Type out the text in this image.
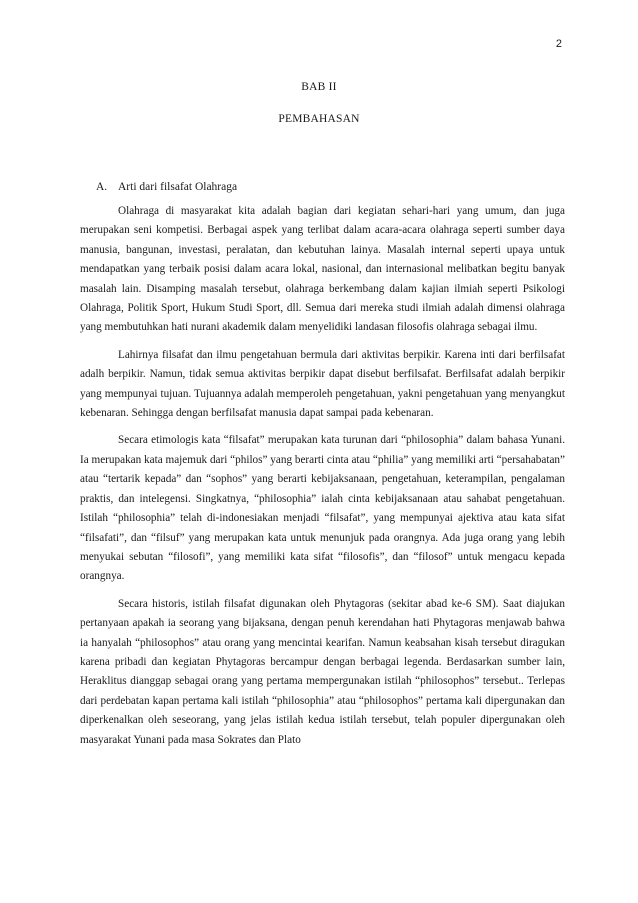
2
BAB II
PEMBAHASAN
A. Arti dari filsafat Olahraga

Olahraga di masyarakat kita adalah bagian dari kegiatan sehari-hari yang umum, dan juga merupakan seni kompetisi. Berbagai aspek yang terlibat dalam acara-acara olahraga seperti sumber daya manusia, bangunan, investasi, peralatan, dan kebutuhan lainya. Masalah internal seperti upaya untuk mendapatkan yang terbaik posisi dalam acara lokal, nasional, dan internasional melibatkan begitu banyak masalah lain. Disamping masalah tersebut, olahraga berkembang dalam kajian ilmiah seperti Psikologi Olahraga, Politik Sport, Hukum Studi Sport, dll. Semua dari mereka studi ilmiah adalah dimensi olahraga yang membutuhkan hati nurani akademik dalam menyelidiki landasan filosofis olahraga sebagai ilmu.

Lahirnya filsafat dan ilmu pengetahuan bermula dari aktivitas berpikir. Karena inti dari berfilsafat adalh berpikir. Namun, tidak semua aktivitas berpikir dapat disebut berfilsafat. Berfilsafat adalah berpikir yang mempunyai tujuan. Tujuannya adalah memperoleh pengetahuan, yakni pengetahuan yang menyangkut kebenaran. Sehingga dengan berfilsafat manusia dapat sampai pada kebenaran.

Secara etimologis kata “filsafat” merupakan kata turunan dari “philosophia” dalam bahasa Yunani. Ia merupakan kata majemuk dari “philos” yang berarti cinta atau “philia” yang memiliki arti “persahabatan” atau “tertarik kepada” dan “sophos” yang berarti kebijaksanaan, pengetahuan, keterampilan, pengalaman praktis, dan intelegensi. Singkatnya, “philosophia” ialah cinta kebijaksanaan atau sahabat pengetahuan. Istilah “philosophia” telah di-indonesiakan menjadi “filsafat”, yang mempunyai ajektiva atau kata sifat “filsafati”, dan “filsuf” yang merupakan kata untuk menunjuk pada orangnya. Ada juga orang yang lebih menyukai sebutan “filosofi”, yang memiliki kata sifat “filosofis”, dan “filosof” untuk mengacu kepada orangnya.

Secara historis, istilah filsafat digunakan oleh Phytagoras (sekitar abad ke-6 SM). Saat diajukan pertanyaan apakah ia seorang yang bijaksana, dengan penuh kerendahan hati Phytagoras menjawab bahwa ia hanyalah “philosophos” atau orang yang mencintai kearifan. Namun keabsahan kisah tersebut diragukan karena pribadi dan kegiatan Phytagoras bercampur dengan berbagai legenda. Berdasarkan sumber lain, Heraklitus dianggap sebagai orang yang pertama mempergunakan istilah “philosophos” tersebut.. Terlepas dari perdebatan kapan pertama kali istilah “philosophia” atau “philosophos” pertama kali dipergunakan dan diperkenalkan oleh seseorang, yang jelas istilah kedua istilah tersebut, telah populer dipergunakan oleh masyarakat Yunani pada masa Sokrates dan Plato
